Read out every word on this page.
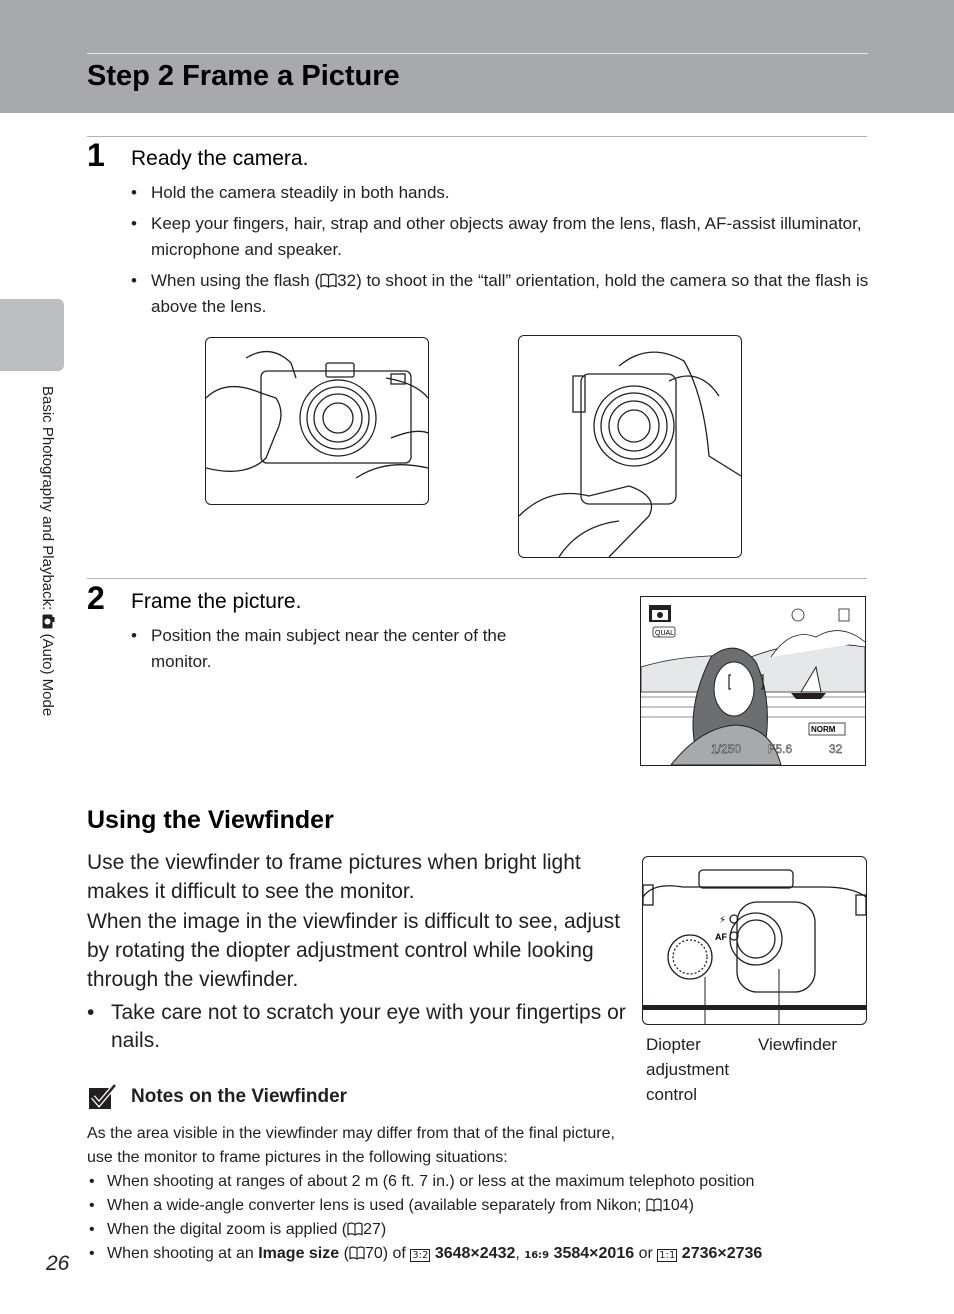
Step 2 Frame a Picture
Basic Photography and Playback:  (Auto) Mode
1 Ready the camera.
• Hold the camera steadily in both hands.
• Keep your fingers, hair, strap and other objects away from the lens, flash, AF-assist illuminator, microphone and speaker.
• When using the flash ( 32) to shoot in the “tall” orientation, hold the camera so that the flash is above the lens.
2 Frame the picture.
• Position the main subject near the center of the monitor.
QUAL
NORM
1/250 F5.6	32
Using the Viewfinder

Use the viewfinder to frame pictures when bright light makes it difficult to see the monitor.

When the image in the viewfinder is difficult to see, adjust by rotating the diopter adjustment control while looking through the viewfinder.

• Take care not to scratch your eye with your fingertips or nails.
⚡
AF
Diopter adjustment control
Viewfinder
Notes on the Viewfinder

As the area visible in the viewfinder may differ from that of the final picture, use the monitor to frame pictures in the following situations:

• When shooting at ranges of about 2 m (6 ft. 7 in.) or less at the maximum telephoto position
• When a wide-angle converter lens is used (available separately from Nikon; 104)
• When the digital zoom is applied ( 27)
• When shooting at an Image size ( 70) of 3:2 3648×2432, 16:9 3584×2016 or 1:1 2736×2736
26
